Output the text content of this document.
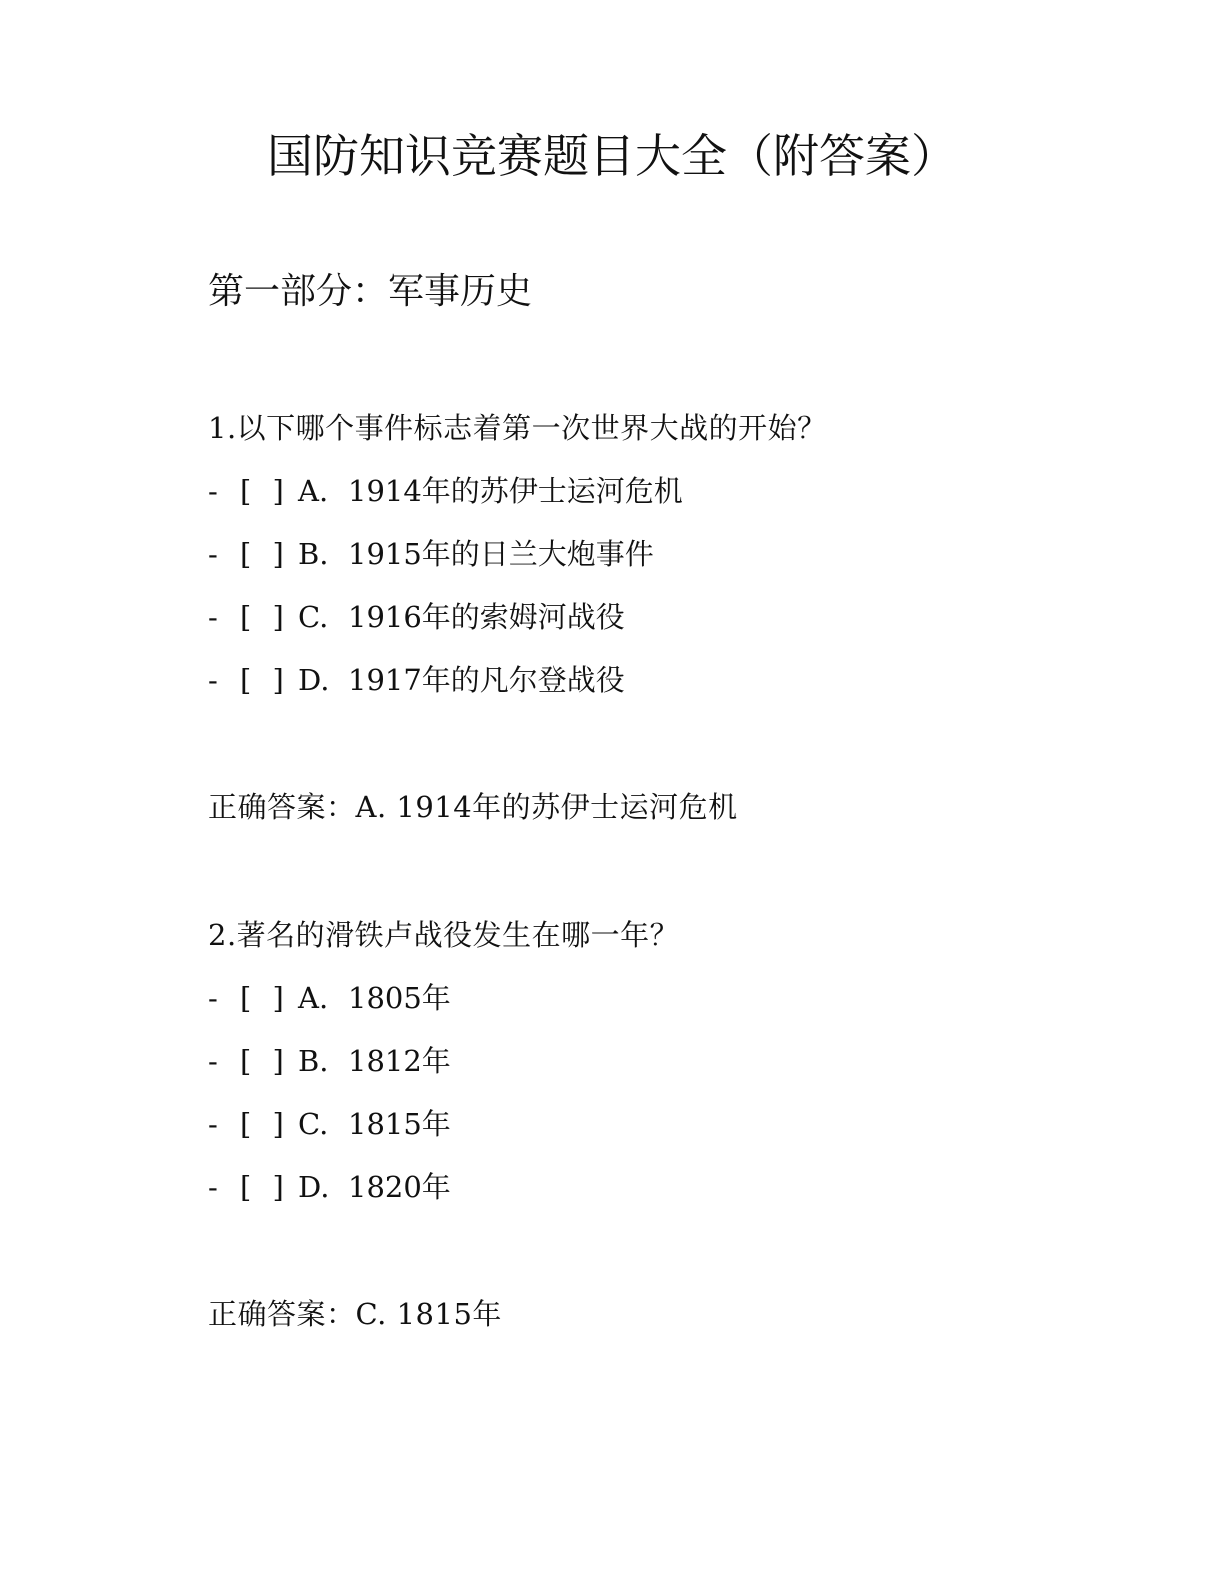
国防知识竞赛题目大全（附答案）
第一部分：军事历史
1.以下哪个事件标志着第一次世界大战的开始？
- [ ] A. 1914年的苏伊士运河危机
- [ ] B. 1915年的日兰大炮事件
- [ ] C. 1916年的索姆河战役
- [ ] D. 1917年的凡尔登战役
正确答案：A. 1914年的苏伊士运河危机
2.著名的滑铁卢战役发生在哪一年？
- [ ] A. 1805年
- [ ] B. 1812年
- [ ] C. 1815年
- [ ] D. 1820年
正确答案：C. 1815年
